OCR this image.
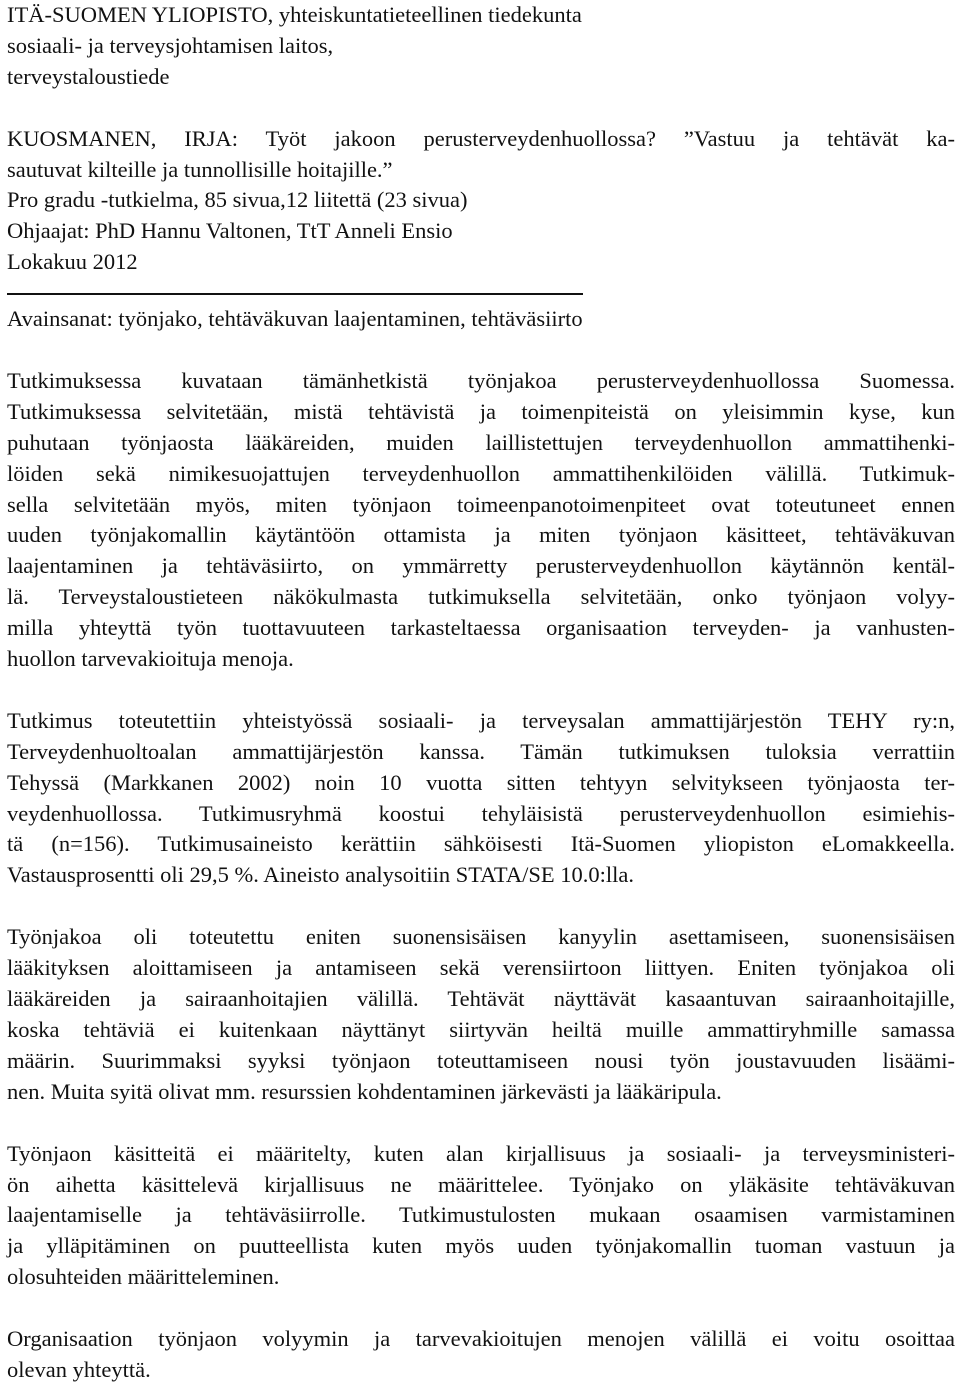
ITÄ-SUOMEN YLIOPISTO, yhteiskuntatieteellinen tiedekunta
sosiaali- ja terveysjohtamisen laitos,
terveystaloustiede
KUOSMANEN, IRJA: Työt jakoon perusterveydenhuollossa? ”Vastuu ja tehtävät ka-
sautuvat kilteille ja tunnollisille hoitajille.”
Pro gradu -tutkielma, 85 sivua,12 liitettä (23 sivua)
Ohjaajat: PhD Hannu Valtonen, TtT Anneli Ensio
Lokakuu 2012
Avainsanat: työnjako, tehtäväkuvan laajentaminen, tehtäväsiirto
Tutkimuksessa kuvataan tämänhetkistä työnjakoa perusterveydenhuollossa Suomessa.
Tutkimuksessa selvitetään, mistä tehtävistä ja toimenpiteistä on yleisimmin kyse, kun
puhutaan työnjaosta lääkäreiden, muiden laillistettujen terveydenhuollon ammattihenki-
löiden sekä nimikesuojattujen terveydenhuollon ammattihenkilöiden välillä. Tutkimuk-
sella selvitetään myös, miten työnjaon toimeenpanotoimenpiteet ovat toteutuneet ennen
uuden työnjakomallin käytäntöön ottamista ja miten työnjaon käsitteet, tehtäväkuvan
laajentaminen ja tehtäväsiirto, on ymmärretty perusterveydenhuollon käytännön kentäl-
lä. Terveystaloustieteen näkökulmasta tutkimuksella selvitetään, onko työnjaon volyy-
milla yhteyttä työn tuottavuuteen tarkasteltaessa organisaation terveyden- ja vanhusten-
huollon tarvevakioituja menoja.
Tutkimus toteutettiin yhteistyössä sosiaali- ja terveysalan ammattijärjestön TEHY ry:n,
Terveydenhuoltoalan ammattijärjestön kanssa. Tämän tutkimuksen tuloksia verrattiin
Tehyssä (Markkanen 2002) noin 10 vuotta sitten tehtyyn selvitykseen työnjaosta ter-
veydenhuollossa. Tutkimusryhmä koostui tehyläisistä perusterveydenhuollon esimiehis-
tä (n=156). Tutkimusaineisto kerättiin sähköisesti Itä-Suomen yliopiston eLomakkeella.
Vastausprosentti oli 29,5 %. Aineisto analysoitiin STATA/SE 10.0:lla.
Työnjakoa oli toteutettu eniten suonensisäisen kanyylin asettamiseen, suonensisäisen
lääkityksen aloittamiseen ja antamiseen sekä verensiirtoon liittyen. Eniten työnjakoa oli
lääkäreiden ja sairaanhoitajien välillä. Tehtävät näyttävät kasaantuvan sairaanhoitajille,
koska tehtäviä ei kuitenkaan näyttänyt siirtyvän heiltä muille ammattiryhmille samassa
määrin. Suurimmaksi syyksi työnjaon toteuttamiseen nousi työn joustavuuden lisäämi-
nen. Muita syitä olivat mm. resurssien kohdentaminen järkevästi ja lääkäripula.
Työnjaon käsitteitä ei määritelty, kuten alan kirjallisuus ja sosiaali- ja terveysministeri-
ön aihetta käsittelevä kirjallisuus ne määrittelee. Työnjako on yläkäsite tehtäväkuvan
laajentamiselle ja tehtäväsiirrolle. Tutkimustulosten mukaan osaamisen varmistaminen
ja ylläpitäminen on puutteellista kuten myös uuden työnjakomallin tuoman vastuun ja
olosuhteiden määritteleminen.
Organisaation työnjaon volyymin ja tarvevakioitujen menojen välillä ei voitu osoittaa
olevan yhteyttä.
